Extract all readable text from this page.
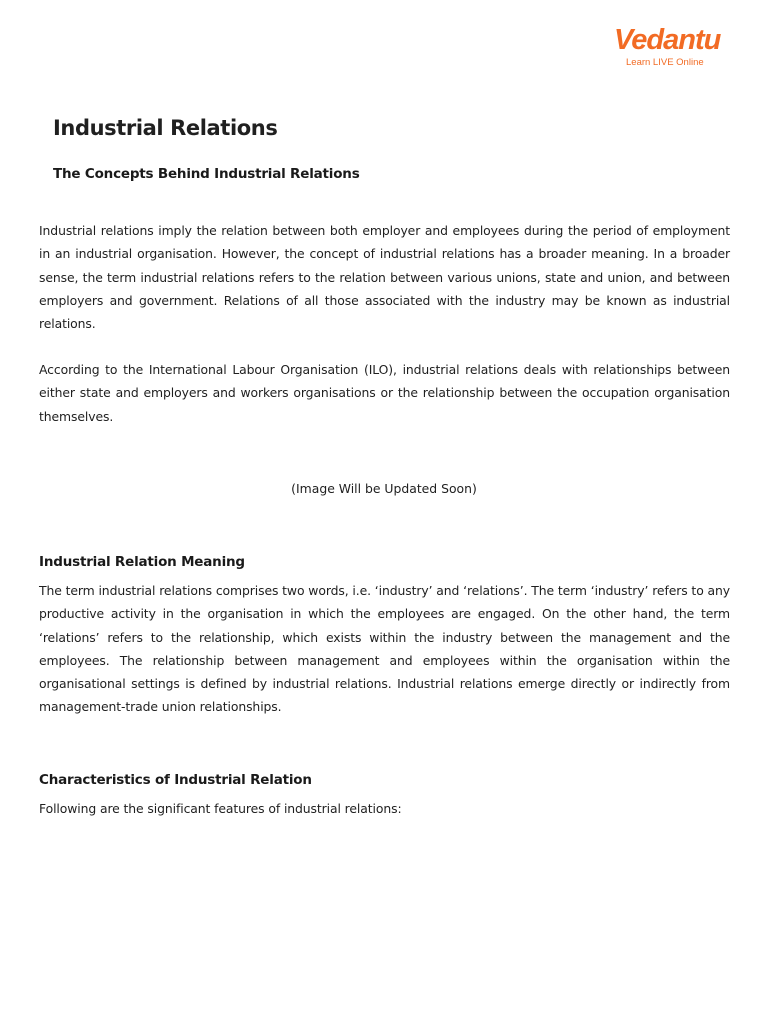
Vedantu
Learn LIVE Online
Industrial Relations
The Concepts Behind Industrial Relations

Industrial relations imply the relation between both employer and employees during the period of employment in an industrial organisation. However, the concept of industrial relations has a broader meaning. In a broader sense, the term industrial relations refers to the relation between various unions, state and union, and between employers and government. Relations of all those associated with the industry may be known as industrial relations.

According to the International Labour Organisation (ILO), industrial relations deals with relationships between either state and employers and workers organisations or the relationship between the occupation organisation themselves.

(Image Will be Updated Soon)

Industrial Relation Meaning

The term industrial relations comprises two words, i.e. ‘industry’ and ‘relations’. The term ‘industry’ refers to any productive activity in the organisation in which the employees are engaged. On the other hand, the term ‘relations’ refers to the relationship, which exists within the industry between the management and the employees. The relationship between management and employees within the organisation within the organisational settings is defined by industrial relations. Industrial relations emerge directly or indirectly from management-trade union relationships.

Characteristics of Industrial Relation

Following are the significant features of industrial relations:
